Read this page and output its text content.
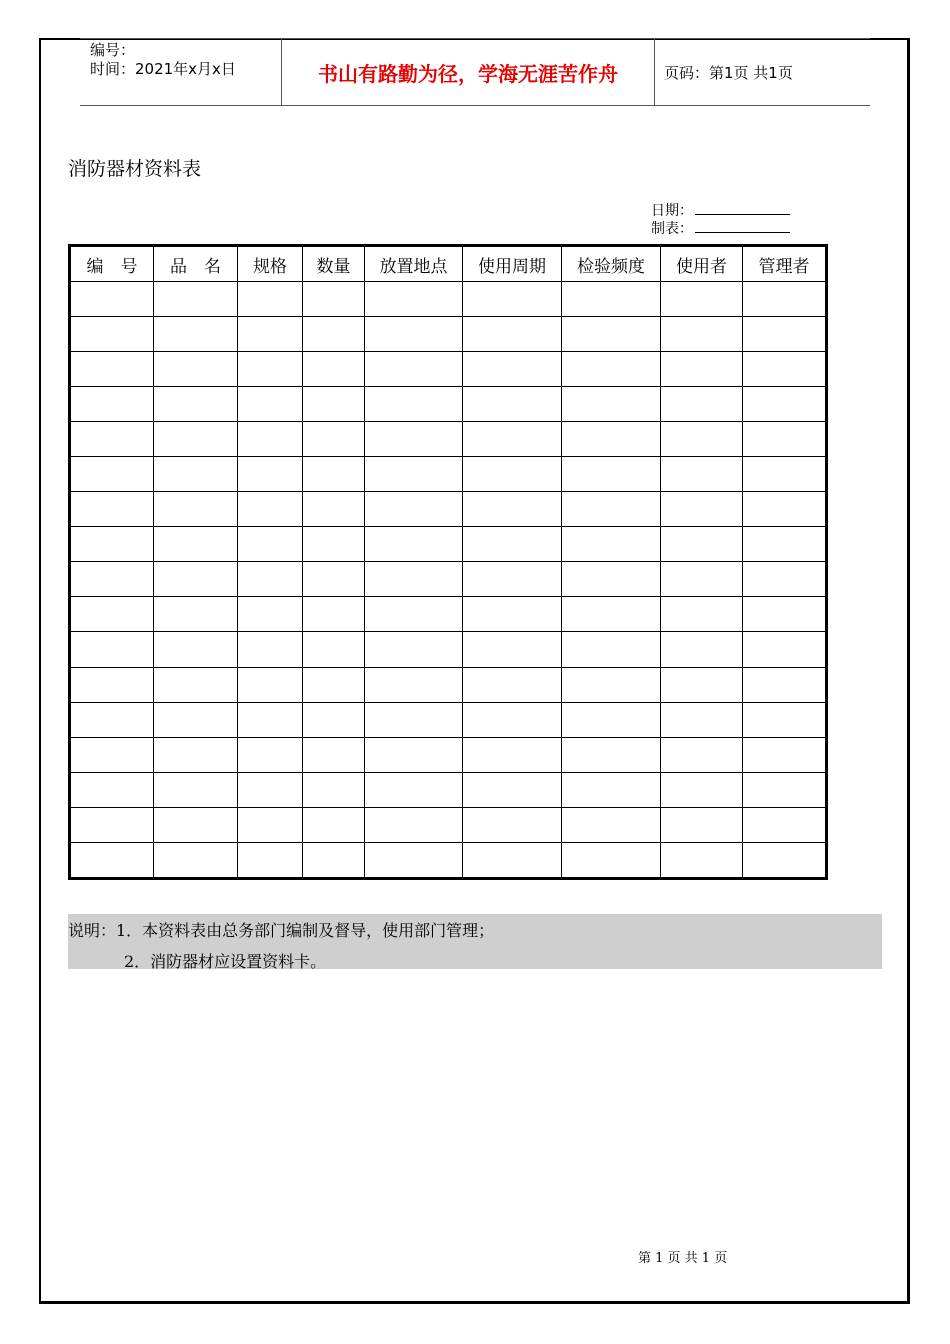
编号：
时间：2021年x月x日	书山有路勤为径，学海无涯苦作舟	页码：第1页 共1页
消防器材资料表
日期：
制表：
编　号	品　名	规格	数量	放置地点	使用周期	检验频度	使用者	管理者

说明：1．本资料表由总务部门编制及督导，使用部门管理；
2．消防器材应设置资料卡。
第 1 页 共 1 页
